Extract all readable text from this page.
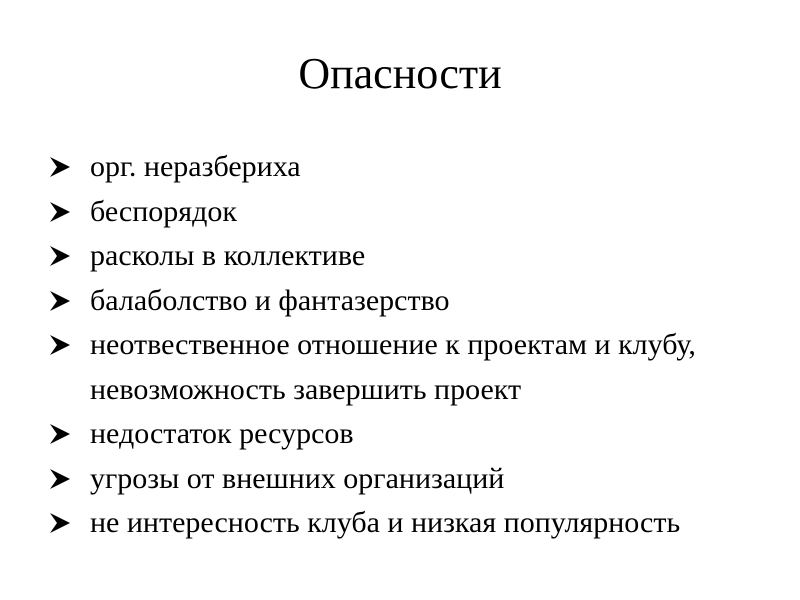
Опасности
орг. неразбериха
беспорядок
расколы в коллективе
балаболство и фантазерство
неотвественное отношение к проектам и клубу, невозможность завершить проект
недостаток ресурсов
угрозы от внешних организаций
не интересность клуба и низкая популярность
